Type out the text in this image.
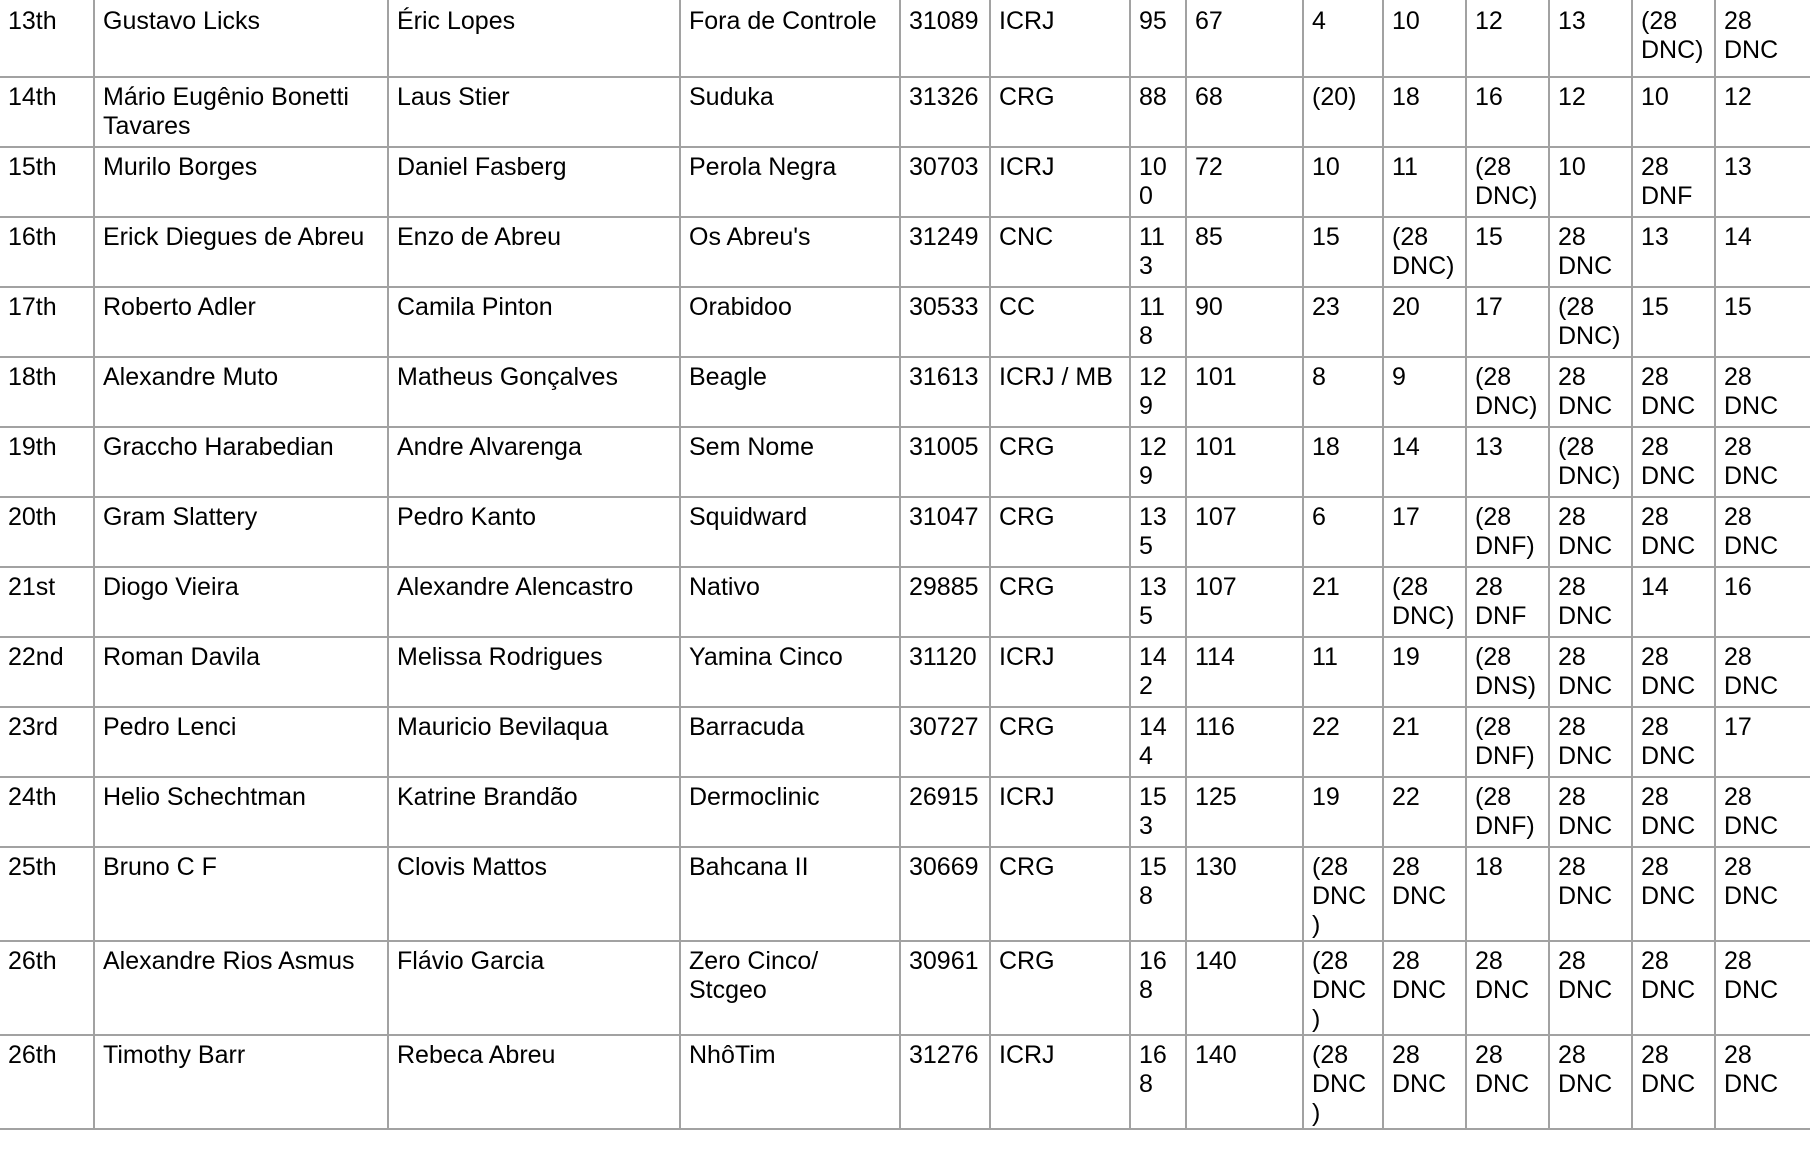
13th	Gustavo Licks	Éric Lopes	Fora de Controle	31089	ICRJ	95	67	4	10	12	13	(28 DNC)	28 DNC
14th	Mário Eugênio Bonetti Tavares	Laus Stier	Suduka	31326	CRG	88	68	(20)	18	16	12	10	12
15th	Murilo Borges	Daniel Fasberg	Perola Negra	30703	ICRJ	100	72	10	11	(28 DNC)	10	28 DNF	13
16th	Erick Diegues de Abreu	Enzo de Abreu	Os Abreu's	31249	CNC	113	85	15	(28 DNC)	15	28 DNC	13	14
17th	Roberto Adler	Camila Pinton	Orabidoo	30533	CC	118	90	23	20	17	(28 DNC)	15	15
18th	Alexandre Muto	Matheus Gonçalves	Beagle	31613	ICRJ / MB	129	101	8	9	(28 DNC)	28 DNC	28 DNC	28 DNC
19th	Graccho Harabedian	Andre Alvarenga	Sem Nome	31005	CRG	129	101	18	14	13	(28 DNC)	28 DNC	28 DNC
20th	Gram Slattery	Pedro Kanto	Squidward	31047	CRG	135	107	6	17	(28 DNF)	28 DNC	28 DNC	28 DNC
21st	Diogo Vieira	Alexandre Alencastro	Nativo	29885	CRG	135	107	21	(28 DNC)	28 DNF	28 DNC	14	16
22nd	Roman Davila	Melissa Rodrigues	Yamina Cinco	31120	ICRJ	142	114	11	19	(28 DNS)	28 DNC	28 DNC	28 DNC
23rd	Pedro Lenci	Mauricio Bevilaqua	Barracuda	30727	CRG	144	116	22	21	(28 DNF)	28 DNC	28 DNC	17
24th	Helio Schechtman	Katrine Brandão	Dermoclinic	26915	ICRJ	153	125	19	22	(28 DNF)	28 DNC	28 DNC	28 DNC
25th	Bruno C F	Clovis Mattos	Bahcana II	30669	CRG	158	130	(28 DNC)	28 DNC	18	28 DNC	28 DNC	28 DNC
26th	Alexandre Rios Asmus	Flávio Garcia	Zero Cinco/ Stcgeo	30961	CRG	168	140	(28 DNC)	28 DNC	28 DNC	28 DNC	28 DNC	28 DNC
26th	Timothy Barr	Rebeca Abreu	NhôTim	31276	ICRJ	168	140	(28 DNC)	28 DNC	28 DNC	28 DNC	28 DNC	28 DNC
